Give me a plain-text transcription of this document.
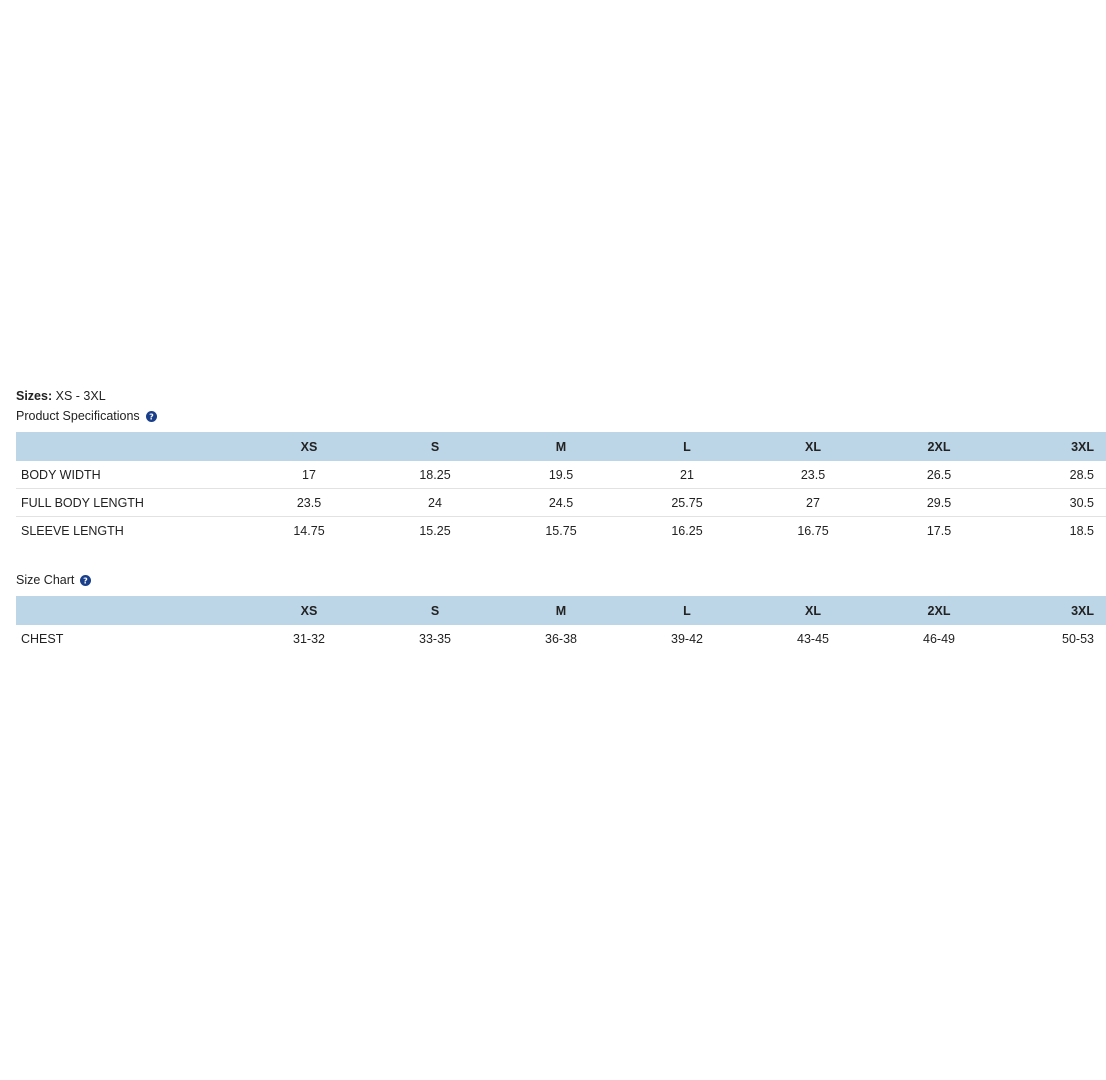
Sizes: XS - 3XL
Product Specifications ?
	XS	S	M	L	XL	2XL	3XL
BODY WIDTH	17	18.25	19.5	21	23.5	26.5	28.5
FULL BODY LENGTH	23.5	24	24.5	25.75	27	29.5	30.5
SLEEVE LENGTH	14.75	15.25	15.75	16.25	16.75	17.5	18.5
Size Chart ?
	XS	S	M	L	XL	2XL	3XL
CHEST	31-32	33-35	36-38	39-42	43-45	46-49	50-53
